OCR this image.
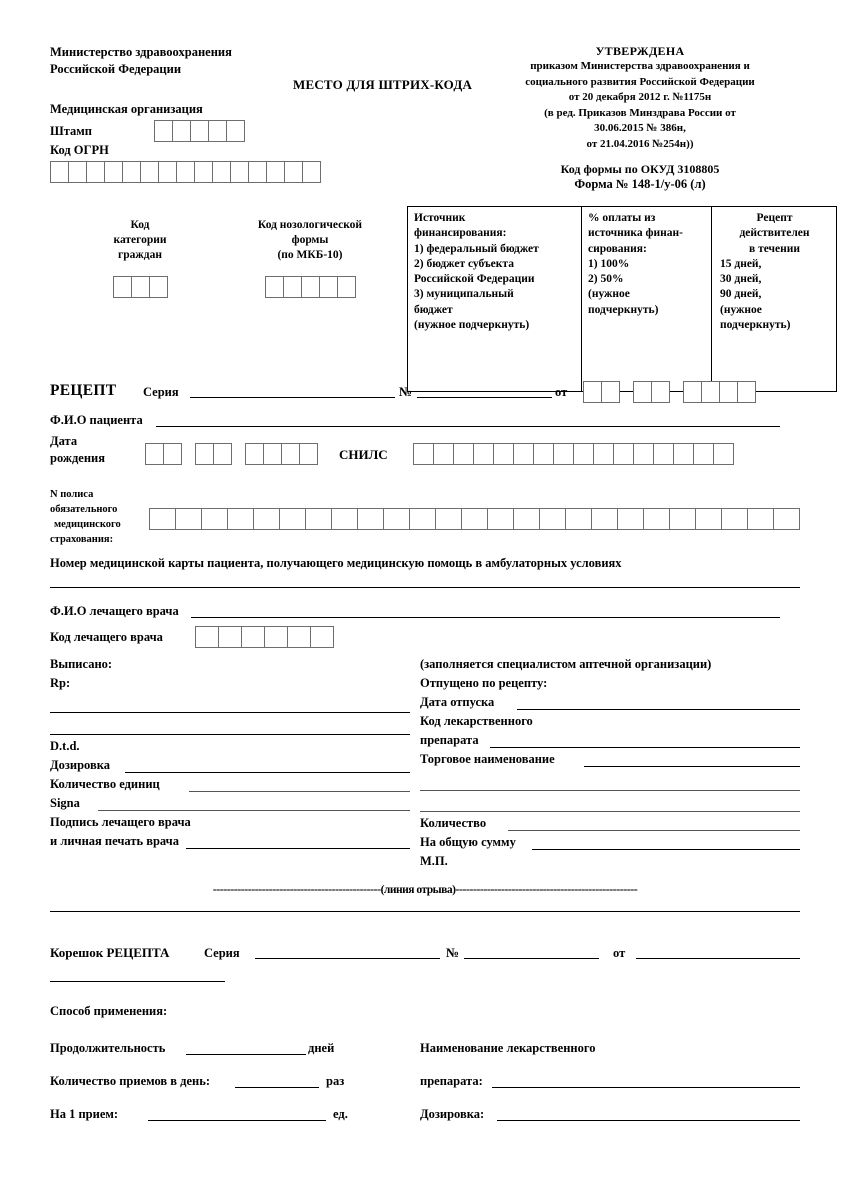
Министерство здравоохранения
Российской Федерации
МЕСТО ДЛЯ ШТРИХ-КОДА
Медицинская организация
Штамп
Код ОГРН
УТВЕРЖДЕНА
приказом Министерства здравоохранения и
социального развития Российской Федерации
от 20 декабря 2012 г. №1175н
(в ред. Приказов Минздрава России от
30.06.2015 № 386н,
от 21.04.2016 №254н))
Код формы по ОКУД 3108805
Форма № 148-1/у-06 (л)
Код
категории
граждан
Код нозологической
формы
(по МКБ-10)
Источник
финансирования:
1) федеральный бюджет
2) бюджет субъекта
Российской Федерации
3) муниципальный
бюджет
(нужное подчеркнуть)

% оплаты из
источника финан-
сирования:
1) 100%
2) 50%
(нужное
подчеркнуть)

Рецепт
действителен
в течении
15 дней,
30 дней,
90 дней,
(нужное
подчеркнуть)
РЕЦЕПТ Серия	№	от

Ф.И.О пациента
Дата
рождения

	СНИЛС
N полиса
обязательного
медицинского
страхования:
Номер медицинской карты пациента, получающего медицинскую помощь в амбулаторных условиях
Ф.И.О лечащего врача
Код лечащего врача
Выписано:
Rp:
D.t.d.
Дозировка
Количество единиц
Signa
Подпись лечащего врача
и личная печать врача
(заполняется специалистом аптечной организации)
Отпущено по рецепту:
Дата отпуска
Код лекарственного
препарата
Торговое наименование
Количество
На общую сумму
М.П.
------------------------------------------------(линия отрыва)----------------------------------------------------
Корешок РЕЦЕПТА	Серия	№	от
Способ применения:
Продолжительность	дней	Наименование лекарственного
Количество приемов в день:	раз	препарата:
На 1 прием:	ед.	Дозировка:
